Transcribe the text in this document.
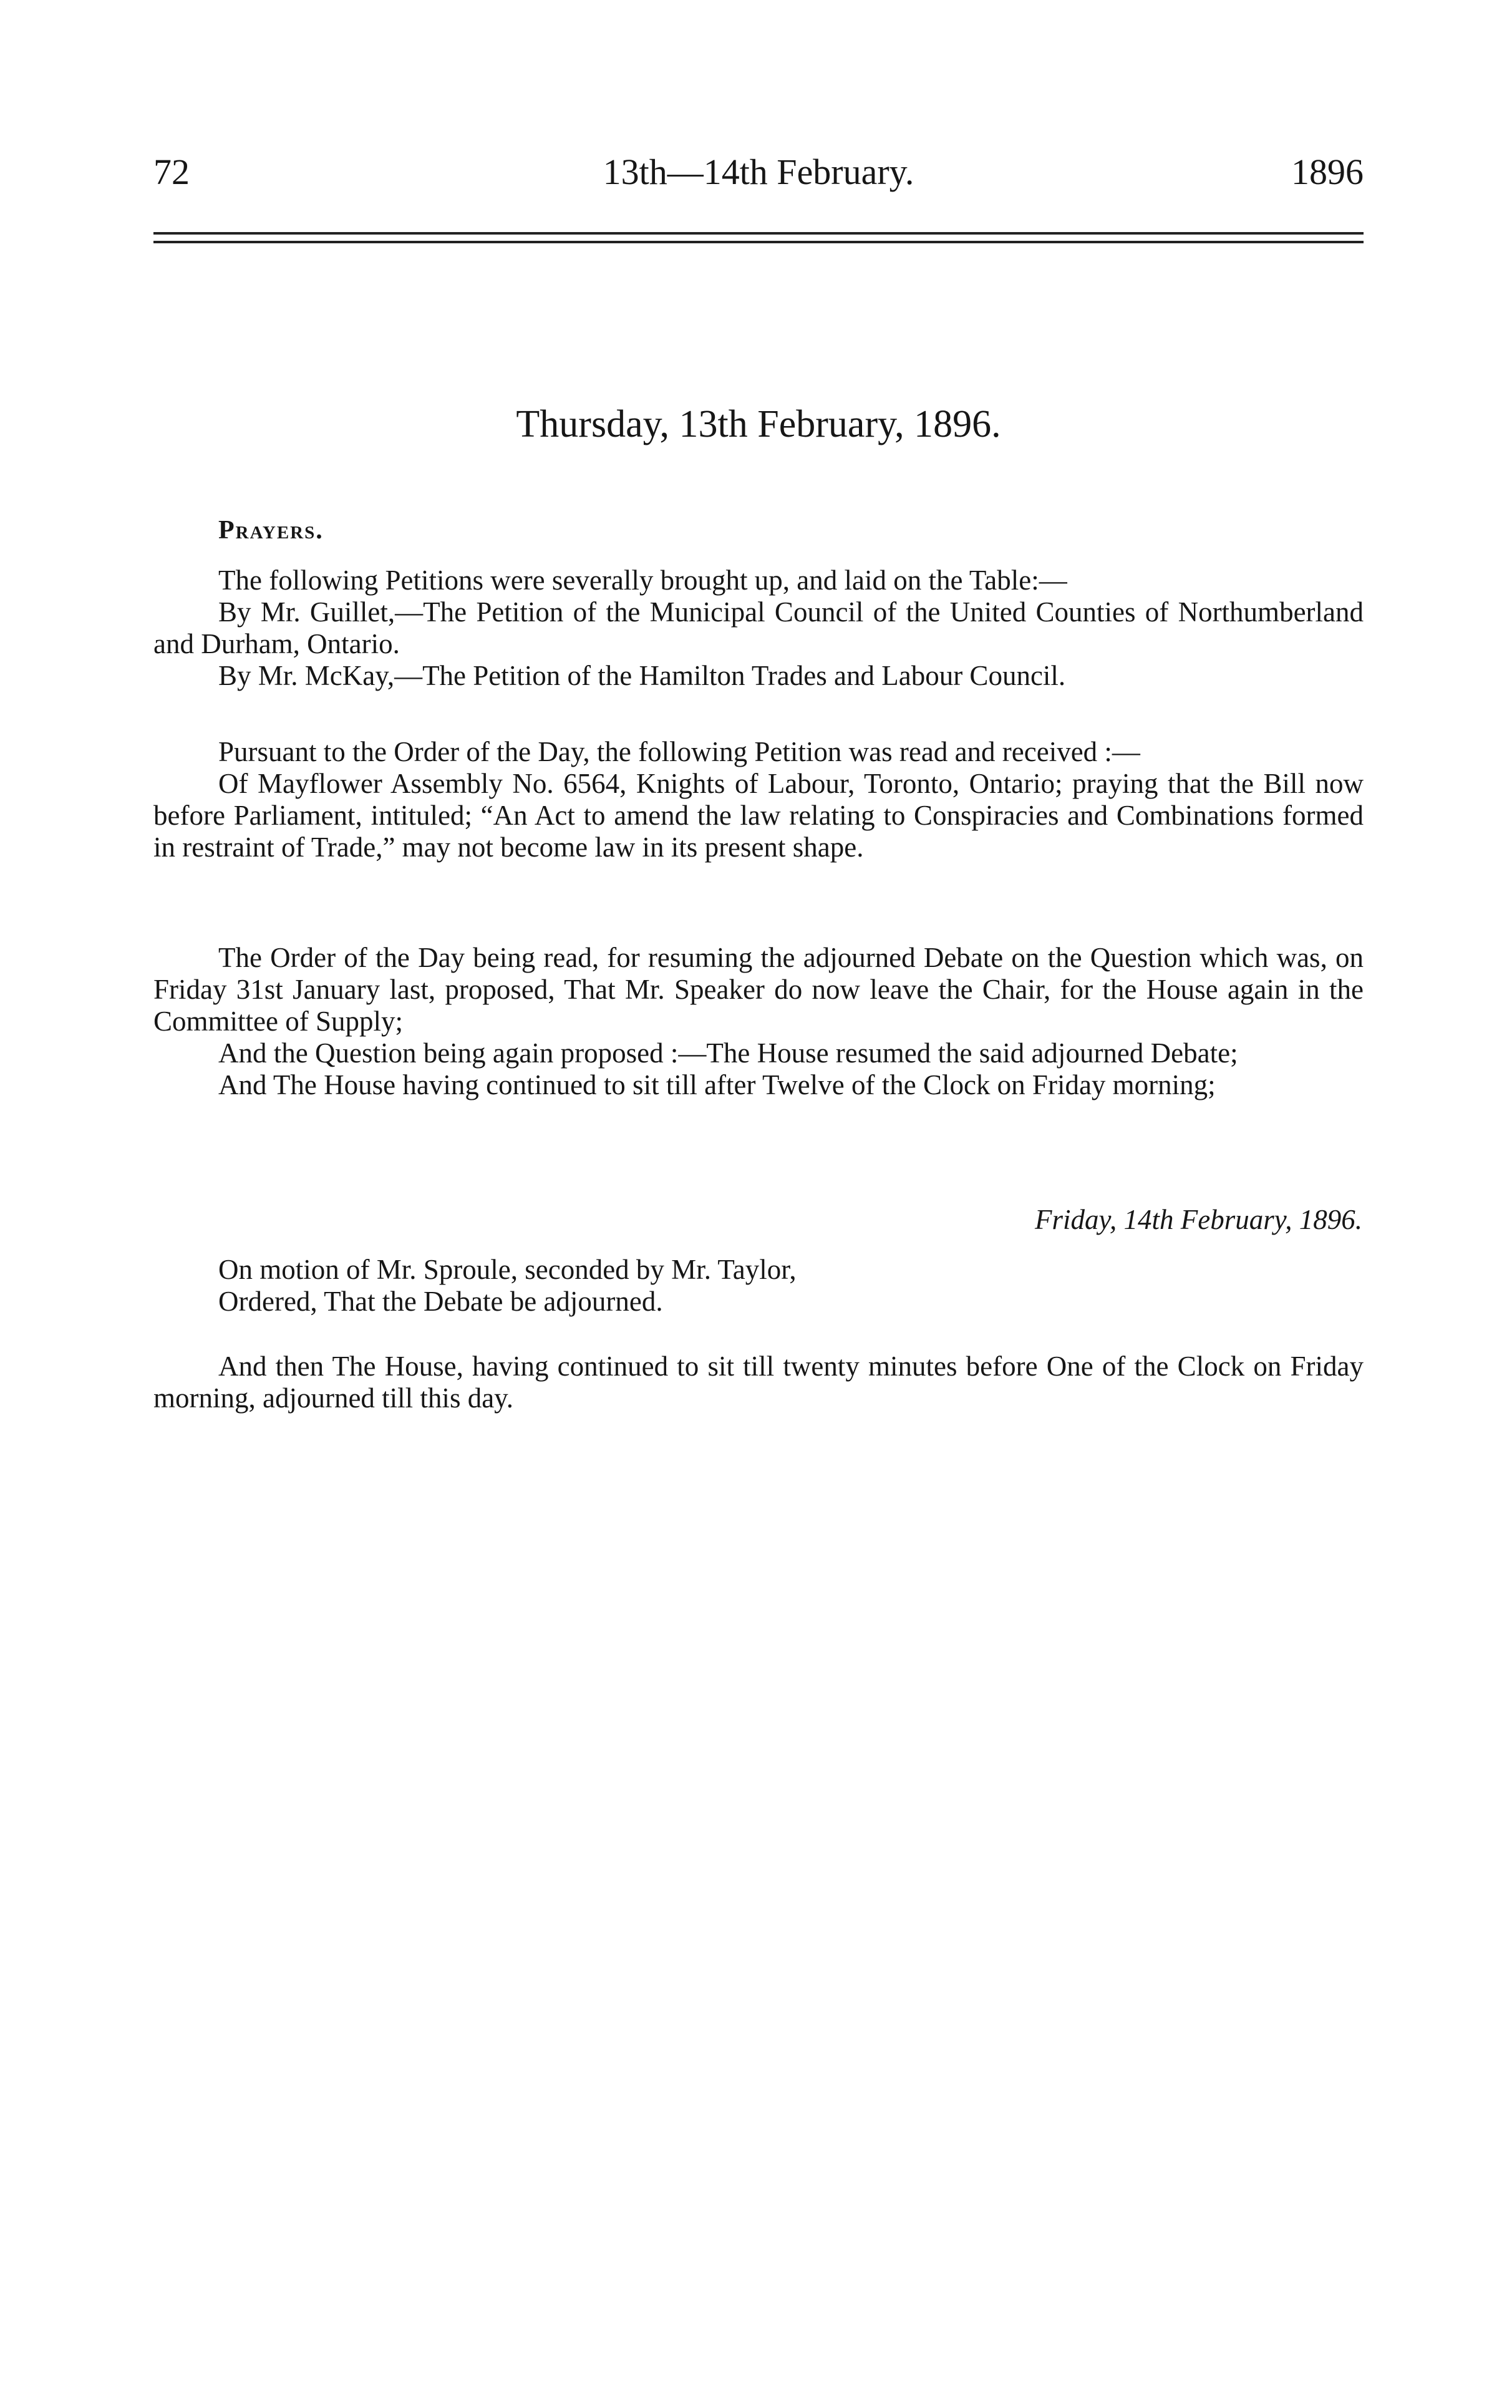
72	13th—14th February.	1896
Thursday, 13th February, 1896.
Prayers.

The following Petitions were severally brought up, and laid on the Table:—

By Mr. Guillet,—The Petition of the Municipal Council of the United Counties of Northumberland and Durham, Ontario.

By Mr. McKay,—The Petition of the Hamilton Trades and Labour Council.

Pursuant to the Order of the Day, the following Petition was read and received :—

Of Mayflower Assembly No. 6564, Knights of Labour, Toronto, Ontario; praying that the Bill now before Parliament, intituled; “An Act to amend the law relating to Conspiracies and Combinations formed in restraint of Trade,” may not become law in its present shape.

The Order of the Day being read, for resuming the adjourned Debate on the Question which was, on Friday 31st January last, proposed, That Mr. Speaker do now leave the Chair, for the House again in the Committee of Supply;

And the Question being again proposed :—The House resumed the said adjourned Debate;

And The House having continued to sit till after Twelve of the Clock on Friday morning;

Friday, 14th February, 1896.

On motion of Mr. Sproule, seconded by Mr. Taylor,

Ordered, That the Debate be adjourned.

And then The House, having continued to sit till twenty minutes before One of the Clock on Friday morning, adjourned till this day.
